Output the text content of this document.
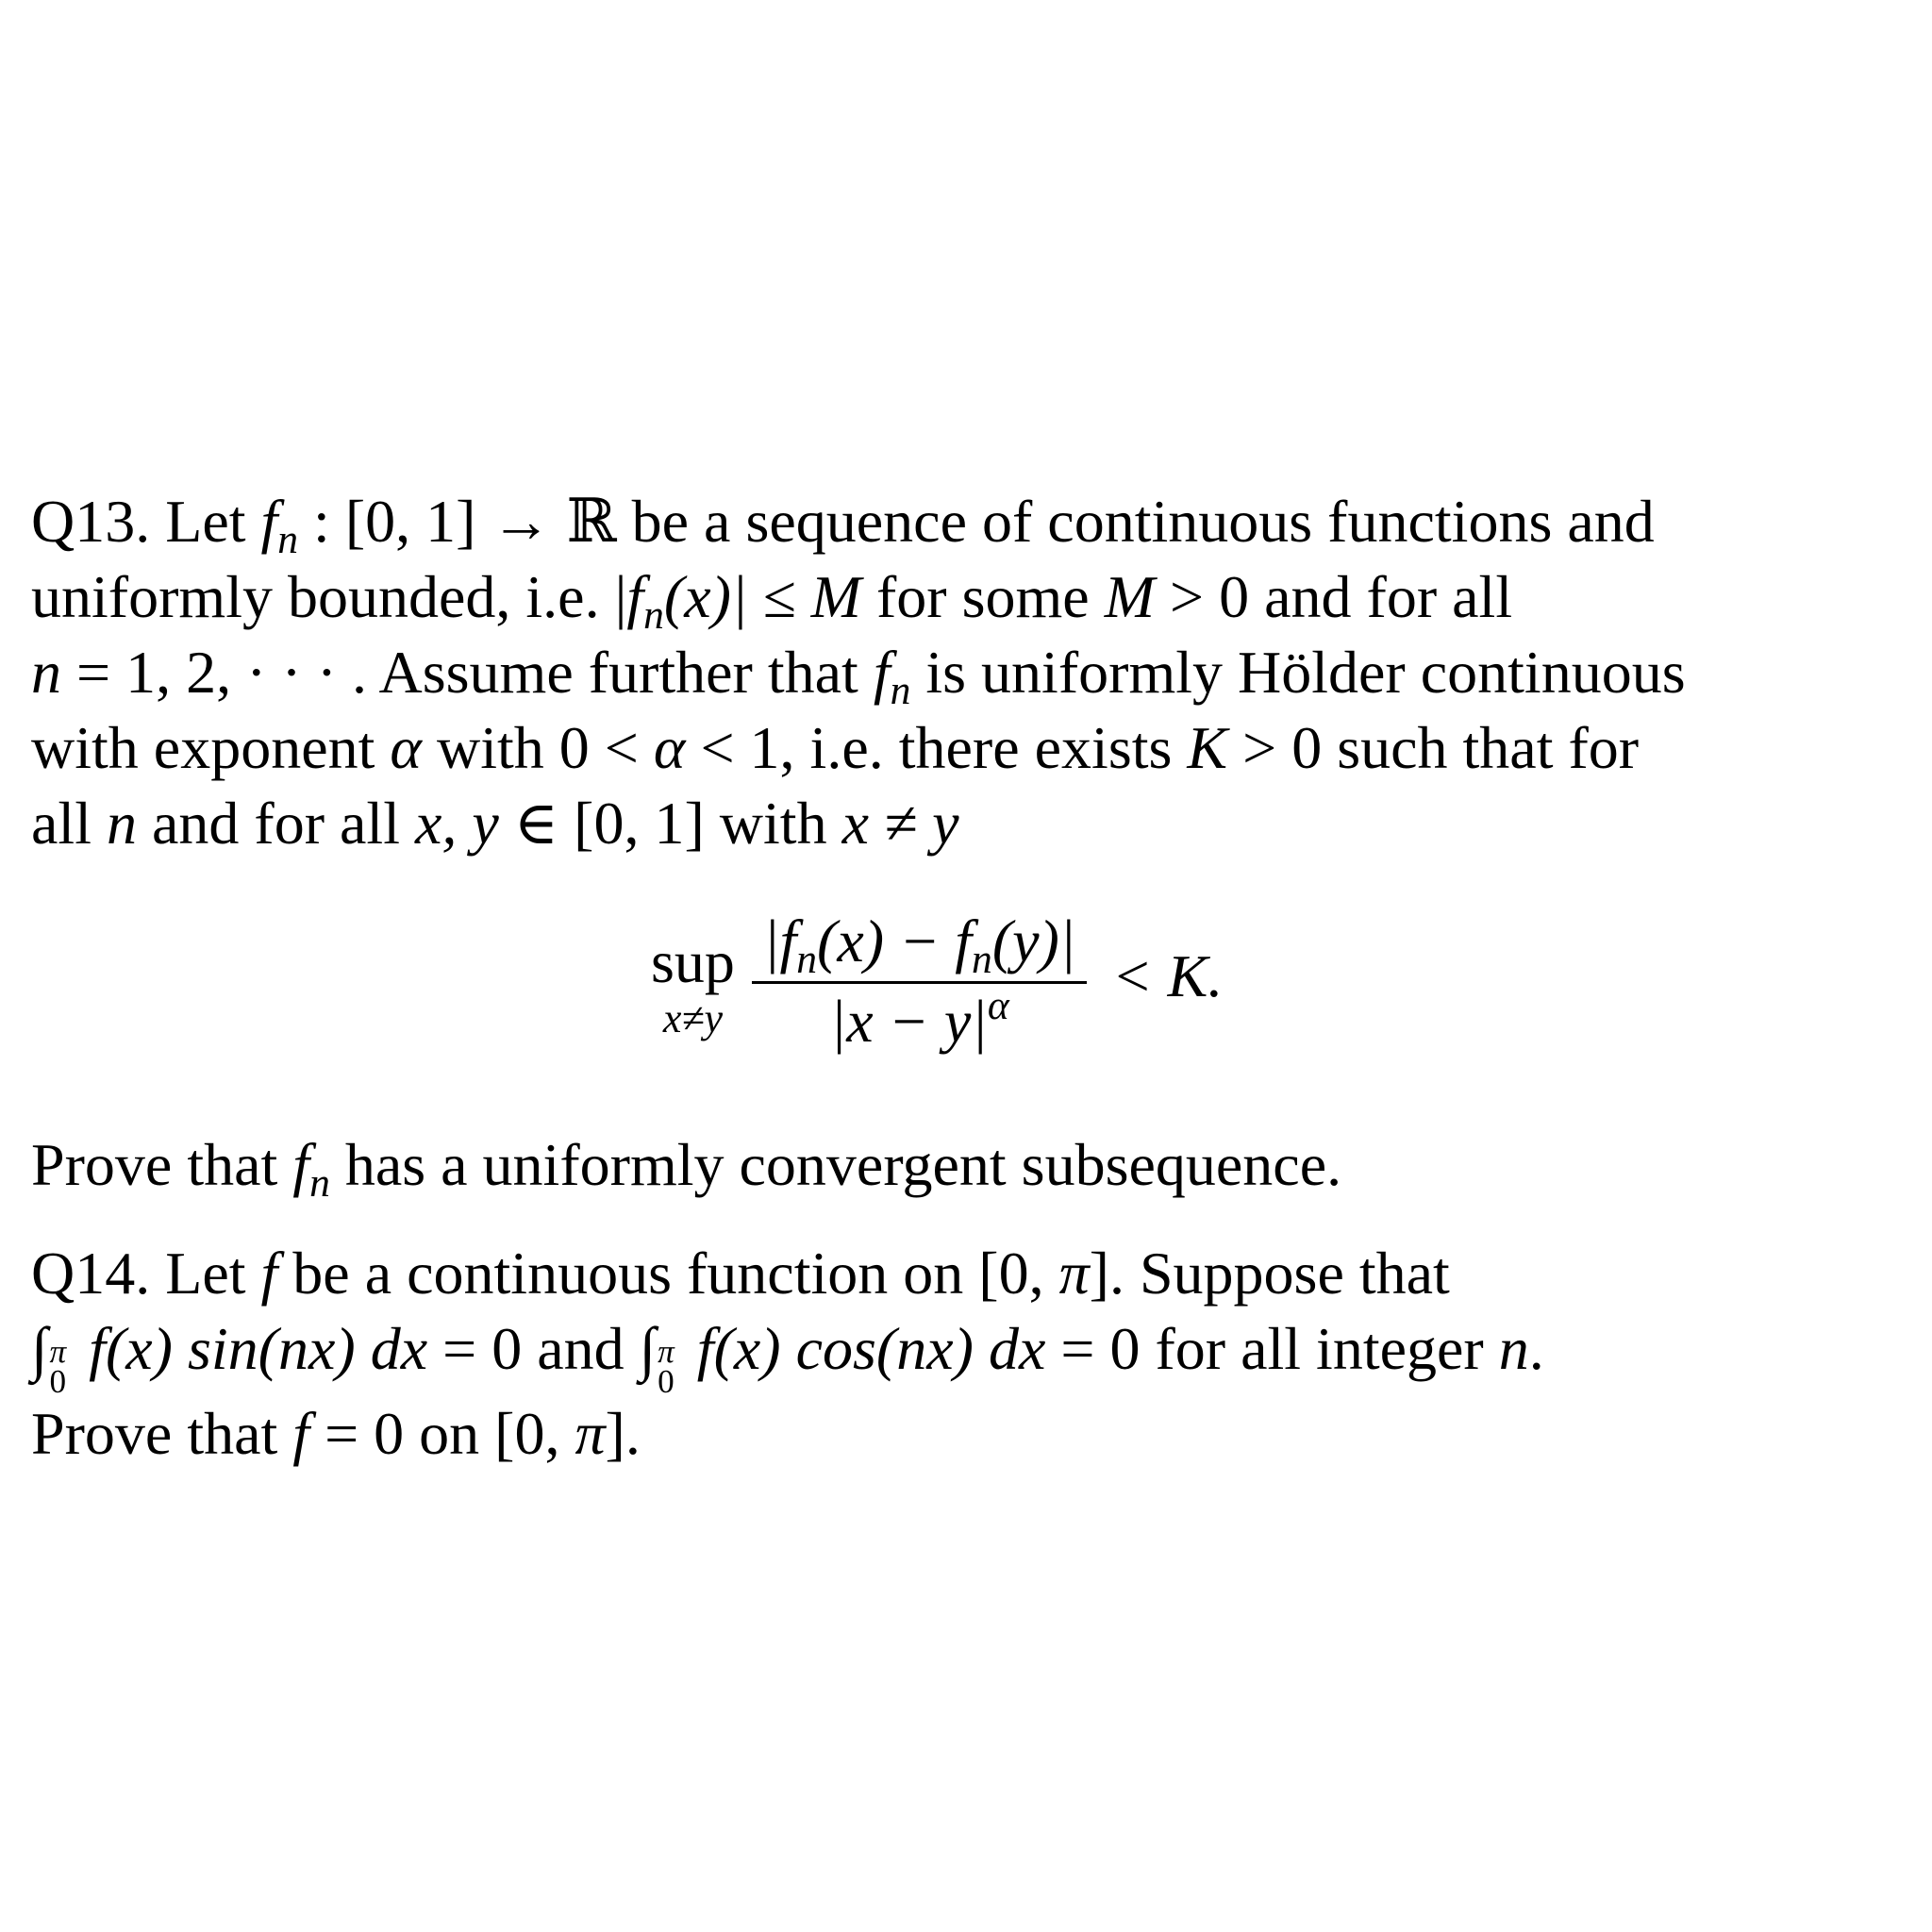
Q13. Let $f_n$ : [0, 1] → ℝ be a sequence of continuous functions and
uniformly bounded, i.e. $|f_n(x)| \le M$ for some M > 0 and for all
n = 1, 2, · · · . Assume further that $f_n$ is uniformly Hölder continuous
with exponent α with 0 < α < 1, i.e. there exists K > 0 such that for
all n and for all x, y ∈ [0, 1] with x ≠ y
sup
$x\ne y \frac{|f_n(x) - f_n(y)|}{|x - y|^\alpha} < K$.
Prove that $f_n$ has a uniformly convergent subsequence.
Q14. Let f be a continuous function on [0, π]. Suppose that
∫ π
0 f(x) sin(nx) dx = 0 and ∫ π
0 f(x) cos(nx) dx = 0 for all integer n.
Prove that f = 0 on [0, π].
